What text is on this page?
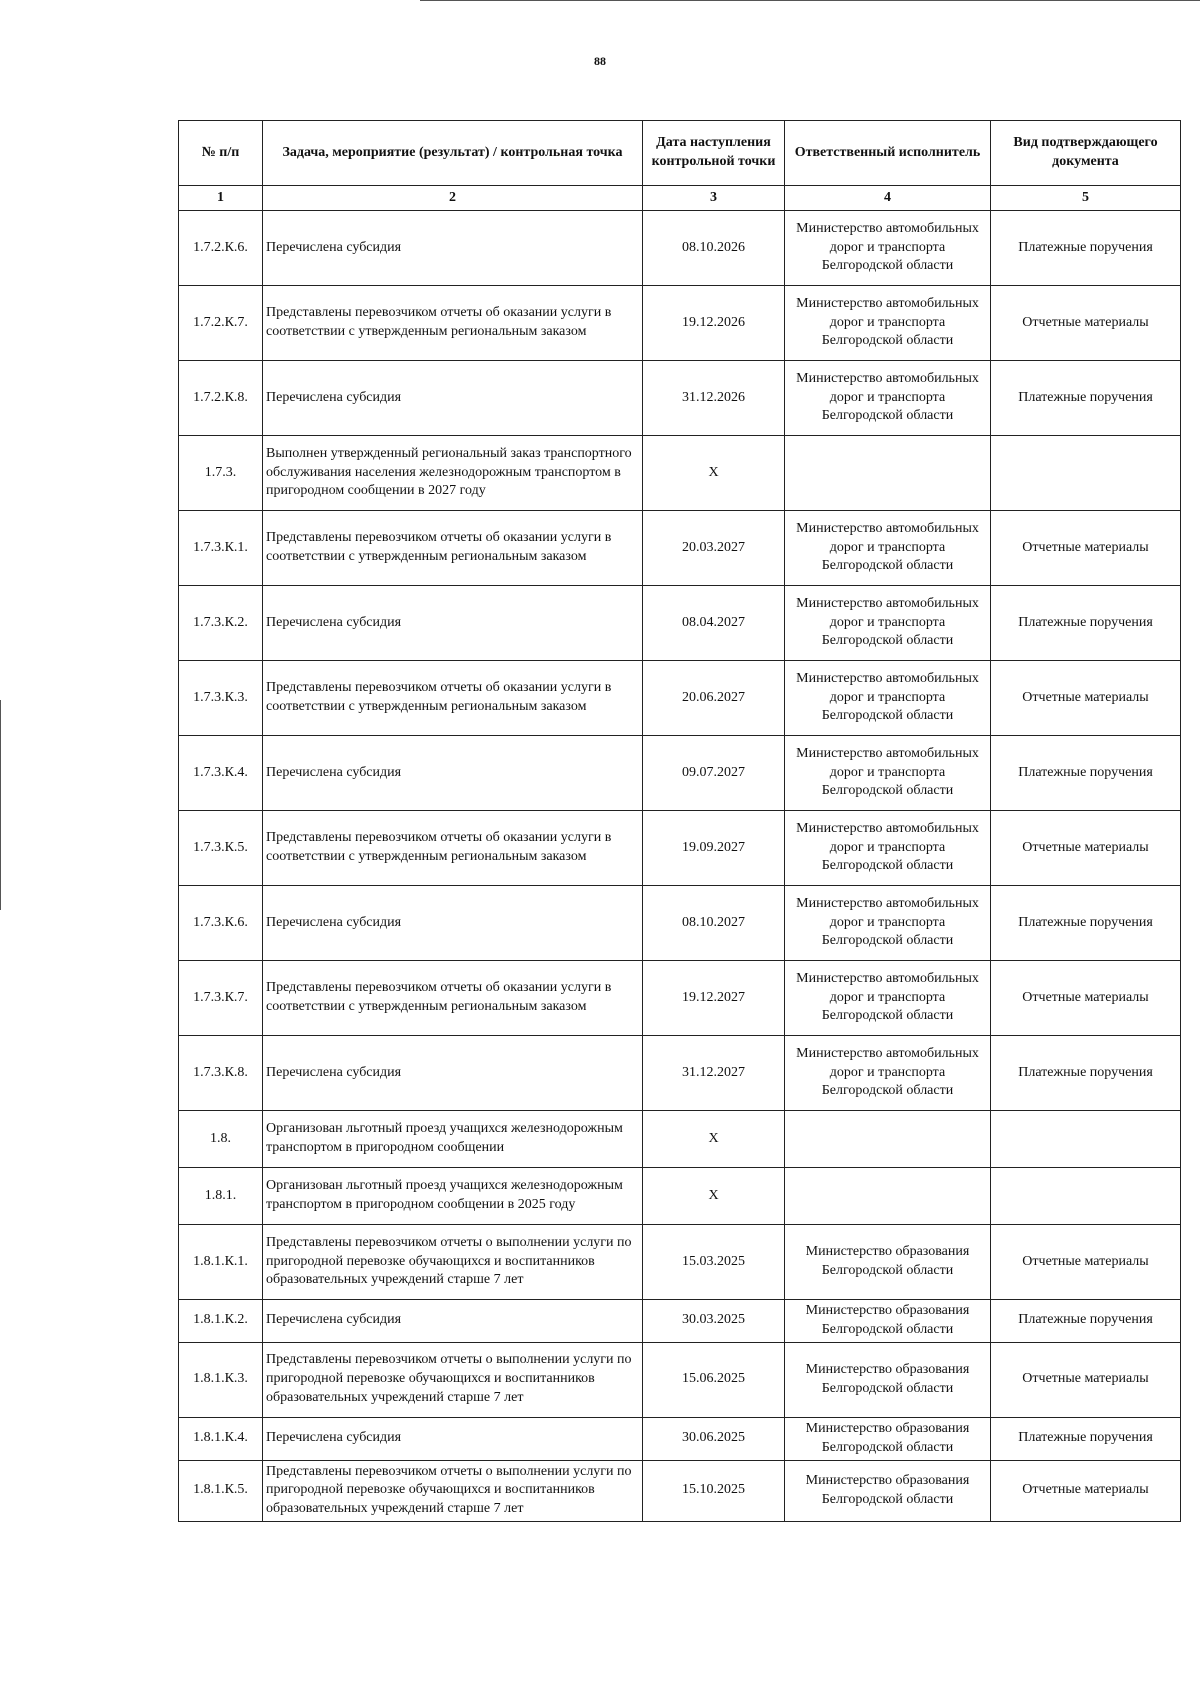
88
№ п/п	Задача, мероприятие (результат) / контрольная точка	Дата наступления контрольной точки	Ответственный исполнитель	Вид подтверждающего документа
1	2	3	4	5
1.7.2.К.6.	Перечислена субсидия	08.10.2026	Министерство автомобильных дорог и транспорта Белгородской области	Платежные поручения
1.7.2.К.7.	Представлены перевозчиком отчеты об оказании услуги в соответствии с утвержденным региональным заказом	19.12.2026	Министерство автомобильных дорог и транспорта Белгородской области	Отчетные материалы
1.7.2.К.8.	Перечислена субсидия	31.12.2026	Министерство автомобильных дорог и транспорта Белгородской области	Платежные поручения
1.7.3.	Выполнен утвержденный региональный заказ транспортного обслуживания населения железнодорожным транспортом в пригородном сообщении в 2027 году	Х		
1.7.3.К.1.	Представлены перевозчиком отчеты об оказании услуги в соответствии с утвержденным региональным заказом	20.03.2027	Министерство автомобильных дорог и транспорта Белгородской области	Отчетные материалы
1.7.3.К.2.	Перечислена субсидия	08.04.2027	Министерство автомобильных дорог и транспорта Белгородской области	Платежные поручения
1.7.3.К.3.	Представлены перевозчиком отчеты об оказании услуги в соответствии с утвержденным региональным заказом	20.06.2027	Министерство автомобильных дорог и транспорта Белгородской области	Отчетные материалы
1.7.3.К.4.	Перечислена субсидия	09.07.2027	Министерство автомобильных дорог и транспорта Белгородской области	Платежные поручения
1.7.3.К.5.	Представлены перевозчиком отчеты об оказании услуги в соответствии с утвержденным региональным заказом	19.09.2027	Министерство автомобильных дорог и транспорта Белгородской области	Отчетные материалы
1.7.3.К.6.	Перечислена субсидия	08.10.2027	Министерство автомобильных дорог и транспорта Белгородской области	Платежные поручения
1.7.3.К.7.	Представлены перевозчиком отчеты об оказании услуги в соответствии с утвержденным региональным заказом	19.12.2027	Министерство автомобильных дорог и транспорта Белгородской области	Отчетные материалы
1.7.3.К.8.	Перечислена субсидия	31.12.2027	Министерство автомобильных дорог и транспорта Белгородской области	Платежные поручения
1.8.	Организован льготный проезд учащихся железнодорожным транспортом в пригородном сообщении	Х		
1.8.1.	Организован льготный проезд учащихся железнодорожным транспортом в пригородном сообщении в 2025 году	Х		
1.8.1.К.1.	Представлены перевозчиком отчеты о выполнении услуги по пригородной перевозке обучающихся и воспитанников образовательных учреждений старше 7 лет	15.03.2025	Министерство образования Белгородской области	Отчетные материалы
1.8.1.К.2.	Перечислена субсидия	30.03.2025	Министерство образования Белгородской области	Платежные поручения
1.8.1.К.3.	Представлены перевозчиком отчеты о выполнении услуги по пригородной перевозке обучающихся и воспитанников образовательных учреждений старше 7 лет	15.06.2025	Министерство образования Белгородской области	Отчетные материалы
1.8.1.К.4.	Перечислена субсидия	30.06.2025	Министерство образования Белгородской области	Платежные поручения
1.8.1.К.5.	Представлены перевозчиком отчеты о выполнении услуги по пригородной перевозке обучающихся и воспитанников образовательных учреждений старше 7 лет	15.10.2025	Министерство образования Белгородской области	Отчетные материалы
